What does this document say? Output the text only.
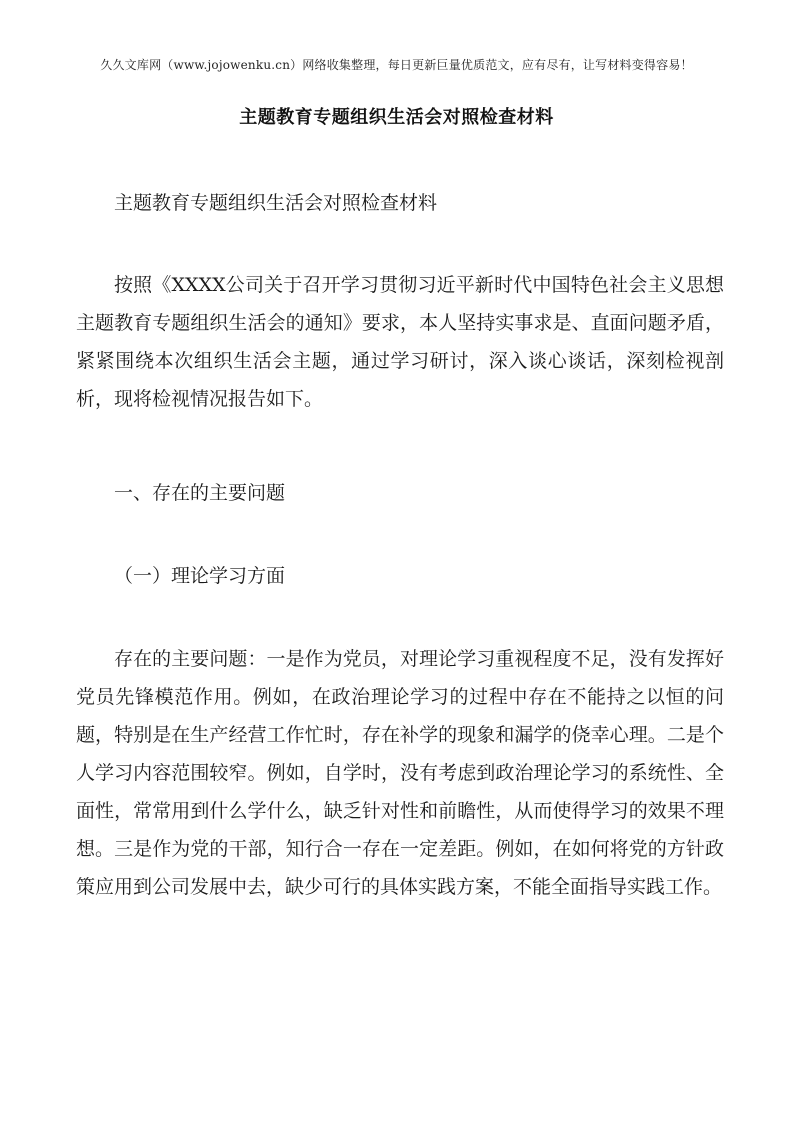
久久文库网（www.jojowenku.cn）网络收集整理，每日更新巨量优质范文，应有尽有，让写材料变得容易！
主题教育专题组织生活会对照检查材料
主题教育专题组织生活会对照检查材料
按照《XXXX公司关于召开学习贯彻习近平新时代中国特色社会主义思想主题教育专题组织生活会的通知》要求，本人坚持实事求是、直面问题矛盾，紧紧围绕本次组织生活会主题，通过学习研讨，深入谈心谈话，深刻检视剖析，现将检视情况报告如下。
一、存在的主要问题
（一）理论学习方面
存在的主要问题：一是作为党员，对理论学习重视程度不足，没有发挥好党员先锋模范作用。例如，在政治理论学习的过程中存在不能持之以恒的问题，特别是在生产经营工作忙时，存在补学的现象和漏学的侥幸心理。二是个人学习内容范围较窄。例如，自学时，没有考虑到政治理论学习的系统性、全面性，常常用到什么学什么，缺乏针对性和前瞻性，从而使得学习的效果不理想。三是作为党的干部，知行合一存在一定差距。例如，在如何将党的方针政策应用到公司发展中去，缺少可行的具体实践方案，不能全面指导实践工作。
